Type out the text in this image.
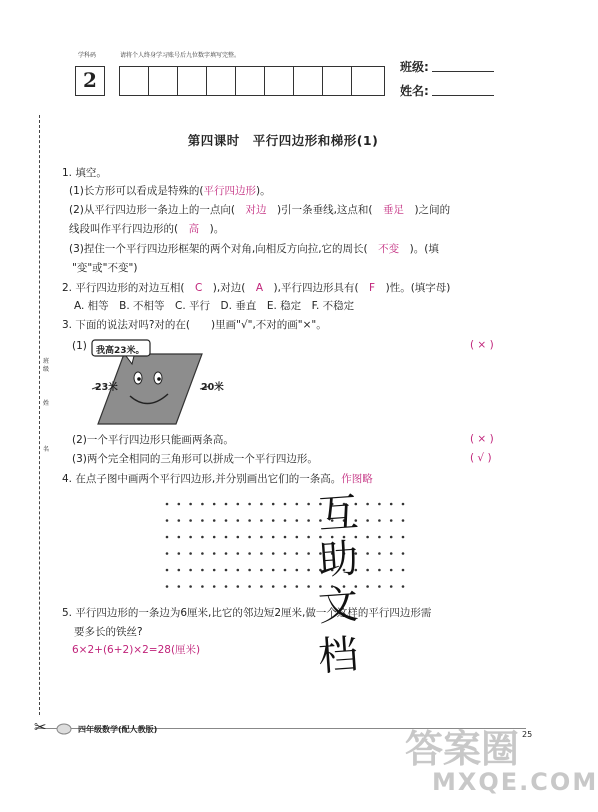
学科码	请将个人终身学习账号后九位数字填写完整。
2
班级:
姓名:
班
级
姓
名
第四课时　平行四边形和梯形(1)
1. 填空。
(1)长方形可以看成是特殊的(平行四边形)。
(2)从平行四边形一条边上的一点向(　 对边　 )引一条垂线,这点和(　 垂足　 )之间的
线段叫作平行四边形的(　 高　 )。
(3)捏住一个平行四边形框架的两个对角,向相反方向拉,它的周长(　 不变　 )。(填
"变"或"不变")
2. 平行四边形的对边互相(　 C　 ),对边(　 A　 ),平行四边形具有(　 F　 )性。(填字母)
A. 相等　B. 不相等　C. 平行　D. 垂直　E. 稳定　F. 不稳定
3. 下面的说法对吗?对的在(　　)里画"√",不对的画"×"。
(1)	( × )
我高23米。
23米	20米
(2)一个平行四边形只能画两条高。	( × )
(3)两个完全相同的三角形可以拼成一个平行四边形。	( √ )
4. 在点子图中画两个平行四边形,并分别画出它们的一条高。作图略
5. 平行四边形的一条边为6厘米,比它的邻边短2厘米,做一个这样的平行四边形需
要多长的铁丝?
6×2+(6+2)×2=28(厘米)
互
助
文
档
✂	四年级数学(配人教版)
25
答案圈
MXQE.COM
